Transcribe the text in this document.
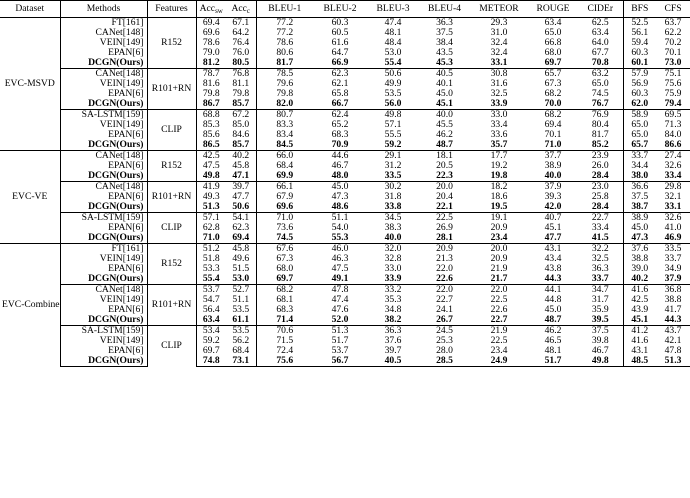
Dataset	Methods	Features	Acc$_{sw}$	Acc$_c$	BLEU-1	BLEU-2	BLEU-3	BLEU-4	METEOR	ROUGE	CIDEr	BFS	CFS
EVC-MSVD	FT[161]	R152	69.4	67.1	77.2	60.3	47.4	36.3	29.3	63.4	62.5	52.5	63.7
	CANet[148]		69.6	64.2	77.2	60.5	48.1	37.5	31.0	65.0	63.4	56.1	62.2
	VEIN[149]		78.6	76.4	78.6	61.6	48.4	38.4	32.4	66.8	64.0	59.4	70.2
	EPAN[6]		79.0	76.0	80.6	64.7	53.0	43.5	32.4	68.0	67.7	60.3	70.1
	DCGN(Ours)		81.2	80.5	81.7	66.9	55.4	45.3	33.1	69.7	70.8	60.1	73.0
	CANet[148]	R101+RN	78.7	76.8	78.5	62.3	50.6	40.5	30.8	65.7	63.2	57.9	75.1
	VEIN[149]		81.6	81.1	79.6	62.1	49.9	40.1	31.6	67.3	65.0	56.9	75.6
	EPAN[6]		79.8	79.8	79.8	65.8	53.5	45.0	32.5	68.2	74.5	60.3	75.9
	DCGN(Ours)		86.7	85.7	82.0	66.7	56.0	45.1	33.9	70.0	76.7	62.0	79.4
	SA-LSTM[159]	CLIP	68.8	67.2	80.7	62.4	49.8	40.0	33.0	68.2	76.9	58.9	69.5
	VEIN[149]		85.3	85.0	83.3	65.2	57.1	45.5	33.4	69.4	80.4	65.0	71.3
	EPAN[6]		85.6	84.6	83.4	68.3	55.5	46.2	33.6	70.1	81.7	65.0	84.0
	DCGN(Ours)		86.5	85.7	84.5	70.9	59.2	48.7	35.7	71.0	85.2	65.7	86.6
EVC-VE	CANet[148]	R152	42.5	40.2	66.0	44.6	29.1	18.1	17.7	37.7	23.9	33.7	27.4
	EPAN[6]		47.5	45.8	68.4	46.7	31.2	20.5	19.2	38.9	26.0	34.4	32.6
	DCGN(Ours)		49.8	47.1	69.9	48.0	33.5	22.3	19.8	40.0	28.4	38.0	33.4
	CANet[148]	R101+RN	41.9	39.7	66.1	45.0	30.2	20.0	18.2	37.9	23.0	36.6	29.8
	EPAN[6]		49.3	47.7	67.9	47.3	31.8	20.4	18.6	39.3	25.8	37.5	32.1
	DCGN(Ours)		51.3	50.6	69.6	48.6	33.8	22.1	19.5	42.0	28.4	38.7	33.1
	SA-LSTM[159]	CLIP	57.1	54.1	71.0	51.1	34.5	22.5	19.1	40.7	22.7	38.9	32.6
	EPAN[6]		62.8	62.3	73.6	54.0	38.3	26.9	20.9	45.1	33.4	45.0	41.0
	DCGN(Ours)		71.0	69.4	74.5	55.3	40.0	28.1	23.4	47.7	41.5	47.3	46.9
EVC-Combine	FT[161]	R152	51.2	45.8	67.6	46.0	32.0	20.9	20.0	43.1	32.2	37.6	33.5
	VEIN[149]		51.8	49.6	67.3	46.3	32.8	21.3	20.9	43.4	32.5	38.8	33.7
	EPAN[6]		53.3	51.5	68.0	47.5	33.0	22.0	21.9	43.8	36.3	39.0	34.9
	DCGN(Ours)		55.4	53.0	69.7	49.1	33.9	22.6	21.7	44.3	33.7	40.2	37.9
	CANet[148]	R101+RN	53.7	52.7	68.2	47.8	33.2	22.0	22.0	44.1	34.7	41.6	36.8
	VEIN[149]		54.7	51.1	68.1	47.4	35.3	22.7	22.5	44.8	31.7	42.5	38.8
	EPAN[6]		56.4	53.5	68.3	47.6	34.8	24.1	22.6	45.0	35.9	43.9	41.7
	DCGN(Ours)		63.4	61.1	71.4	52.0	38.2	26.7	22.7	48.7	39.5	45.1	44.3
	SA-LSTM[159]	CLIP	53.4	53.5	70.6	51.3	36.3	24.5	21.9	46.2	37.5	41.2	43.7
	VEIN[149]		59.2	56.2	71.5	51.7	37.6	25.3	22.5	46.5	39.8	41.6	42.1
	EPAN[6]		69.7	68.4	72.4	53.7	39.7	28.0	23.4	48.1	46.7	43.1	47.8
	DCGN(Ours)		74.8	73.1	75.6	56.7	40.5	28.5	24.9	51.7	49.8	48.5	51.3
